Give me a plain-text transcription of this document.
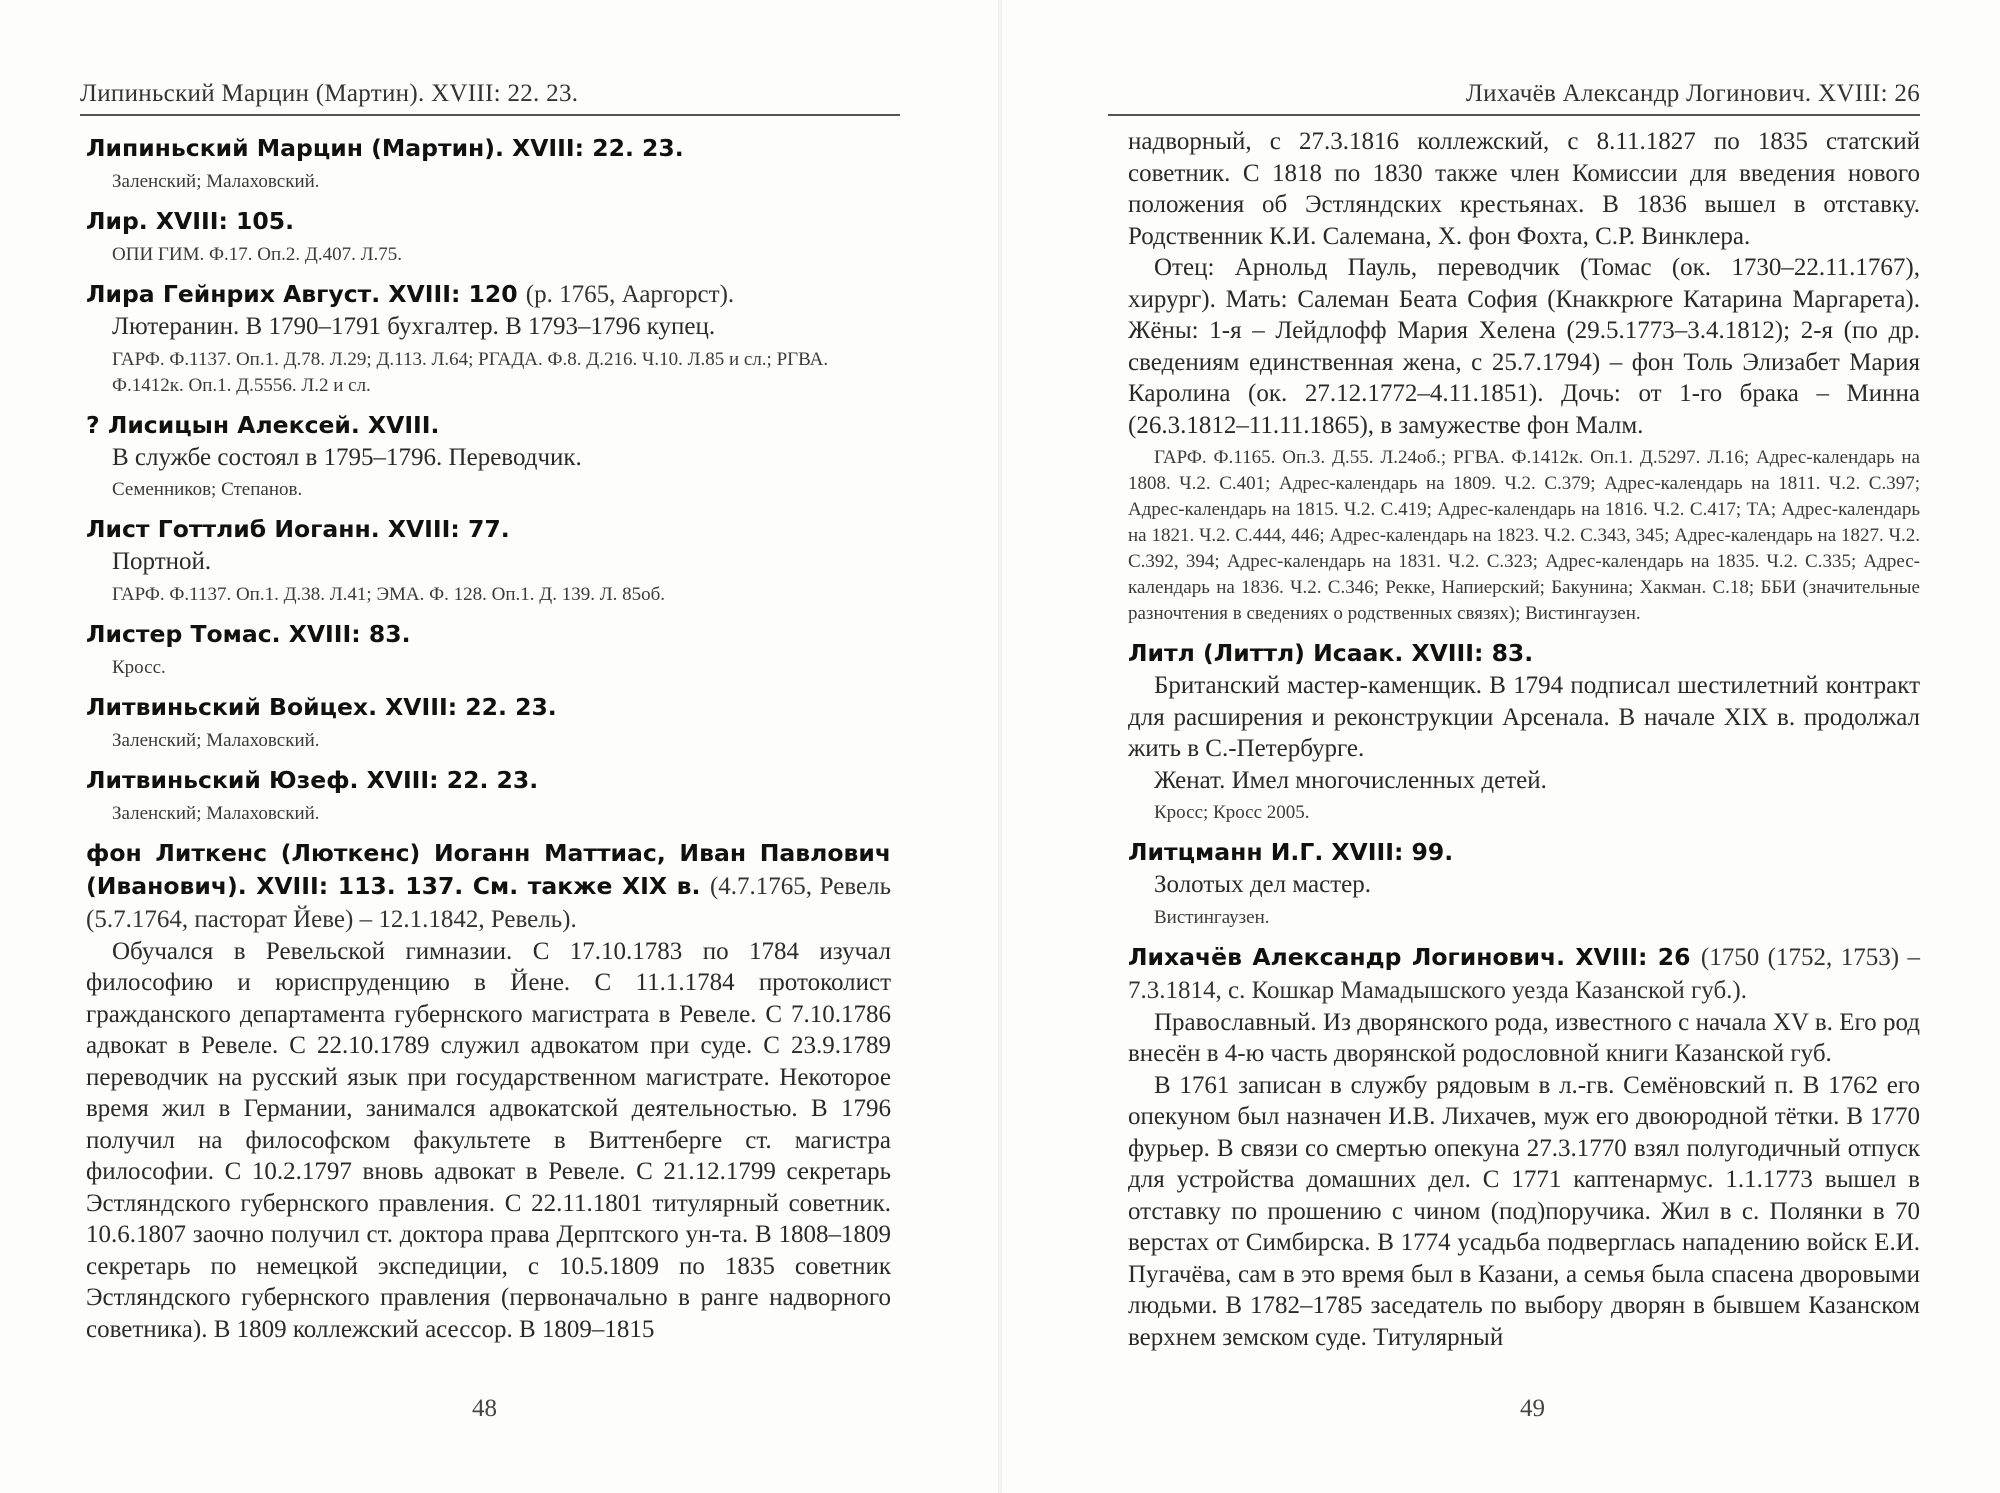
Липиньский Марцин (Мартин). XVIII: 22. 23.
Липиньский Марцин (Мартин). XVIII: 22. 23.
Заленский; Малаховский.
Лир. XVIII: 105.
ОПИ ГИМ. Ф.17. Оп.2. Д.407. Л.75.
Лира Гейнрих Август. XVIII: 120 (р. 1765, Ааргорст).

Лютеранин. В 1790–1791 бухгалтер. В 1793–1796 купец.

ГАРФ. Ф.1137. Оп.1. Д.78. Л.29; Д.113. Л.64; РГАДА. Ф.8. Д.216. Ч.10. Л.85 и сл.; РГВА. Ф.1412к. Оп.1. Д.5556. Л.2 и сл.
? Лисицын Алексей. XVIII.

В службе состоял в 1795–1796. Переводчик.

Семенников; Степанов.
Лист Готтлиб Иоганн. XVIII: 77.

Портной.

ГАРФ. Ф.1137. Оп.1. Д.38. Л.41; ЭМА. Ф. 128. Оп.1. Д. 139. Л. 85об.
Листер Томас. XVIII: 83.
Кросс.
Литвиньский Войцех. XVIII: 22. 23.
Заленский; Малаховский.
Литвиньский Юзеф. XVIII: 22. 23.
Заленский; Малаховский.
фон Литкенс (Люткенс) Иоганн Маттиас, Иван Павлович (Иванович). XVIII: 113. 137. См. также XIX в. (4.7.1765, Ревель (5.7.1764, пасторат Йеве) – 12.1.1842, Ревель).

Обучался в Ревельской гимназии. С 17.10.1783 по 1784 изучал философию и юриспруденцию в Йене. С 11.1.1784 протоколист гражданского департамента губернского магистрата в Ревеле. С 7.10.1786 адвокат в Ревеле. С 22.10.1789 служил адвокатом при суде. С 23.9.1789 переводчик на русский язык при государственном магистрате. Некоторое время жил в Германии, занимался адвокатской деятельностью. В 1796 получил на философском факультете в Виттенберге ст. магистра философии. С 10.2.1797 вновь адвокат в Ревеле. С 21.12.1799 секретарь Эстляндского губернского правления. С 22.11.1801 титулярный советник. 10.6.1807 заочно получил ст. доктора права Дерптского ун-та. В 1808–1809 секретарь по немецкой экспедиции, с 10.5.1809 по 1835 советник Эстляндского губернского правления (первоначально в ранге надворного советника). В 1809 коллежский асессор. В 1809–1815

48
Лихачёв Александр Логинович. XVIII: 26

надворный, с 27.3.1816 коллежский, с 8.11.1827 по 1835 статский советник. С 1818 по 1830 также член Комиссии для введения нового положения об Эстляндских крестьянах. В 1836 вышел в отставку. Родственник К.И. Салемана, Х. фон Фохта, С.Р. Винклера.

Отец: Арнольд Пауль, переводчик (Томас (ок. 1730–22.11.1767), хирург). Мать: Салеман Беата София (Кнаккрюге Катарина Маргарета). Жёны: 1-я – Лейдлофф Мария Хелена (29.5.1773–3.4.1812); 2-я (по др. сведениям единственная жена, с 25.7.1794) – фон Толь Элизабет Мария Каролина (ок. 27.12.1772–4.11.1851). Дочь: от 1-го брака – Минна (26.3.1812–11.11.1865), в замужестве фон Малм.

ГАРФ. Ф.1165. Оп.3. Д.55. Л.24об.; РГВА. Ф.1412к. Оп.1. Д.5297. Л.16; Адрес-календарь на 1808. Ч.2. С.401; Адрес-календарь на 1809. Ч.2. С.379; Адрес-календарь на 1811. Ч.2. С.397; Адрес-календарь на 1815. Ч.2. С.419; Адрес-календарь на 1816. Ч.2. С.417; ТА; Адрес-календарь на 1821. Ч.2. С.444, 446; Адрес-календарь на 1823. Ч.2. С.343, 345; Адрес-календарь на 1827. Ч.2. С.392, 394; Адрес-календарь на 1831. Ч.2. С.323; Адрес-календарь на 1835. Ч.2. С.335; Адрес-календарь на 1836. Ч.2. С.346; Рекке, Напиерский; Бакунина; Хакман. С.18; ББИ (значительные разночтения в сведениях о родственных связях); Вистингаузен.
Литл (Литтл) Исаак. XVIII: 83.

Британский мастер-каменщик. В 1794 подписал шестилетний контракт для расширения и реконструкции Арсенала. В начале XIX в. продолжал жить в С.-Петербурге.

Женат. Имел многочисленных детей.

Кросс; Кросс 2005.
Литцманн И.Г. XVIII: 99.

Золотых дел мастер.

Вистингаузен.
Лихачёв Александр Логинович. XVIII: 26 (1750 (1752, 1753) – 7.3.1814, с. Кошкар Мамадышского уезда Казанской губ.).

Православный. Из дворянского рода, известного с начала XV в. Его род внесён в 4-ю часть дворянской родословной книги Казанской губ.

В 1761 записан в службу рядовым в л.-гв. Семёновский п. В 1762 его опекуном был назначен И.В. Лихачев, муж его двоюродной тётки. В 1770 фурьер. В связи со смертью опекуна 27.3.1770 взял полугодичный отпуск для устройства домашних дел. С 1771 каптенармус. 1.1.1773 вышел в отставку по прошению с чином (под)поручика. Жил в с. Полянки в 70 верстах от Симбирска. В 1774 усадьба подверглась нападению войск Е.И. Пугачёва, сам в это время был в Казани, а семья была спасена дворовыми людьми. В 1782–1785 заседатель по выбору дворян в бывшем Казанском верхнем земском суде. Титулярный

49
